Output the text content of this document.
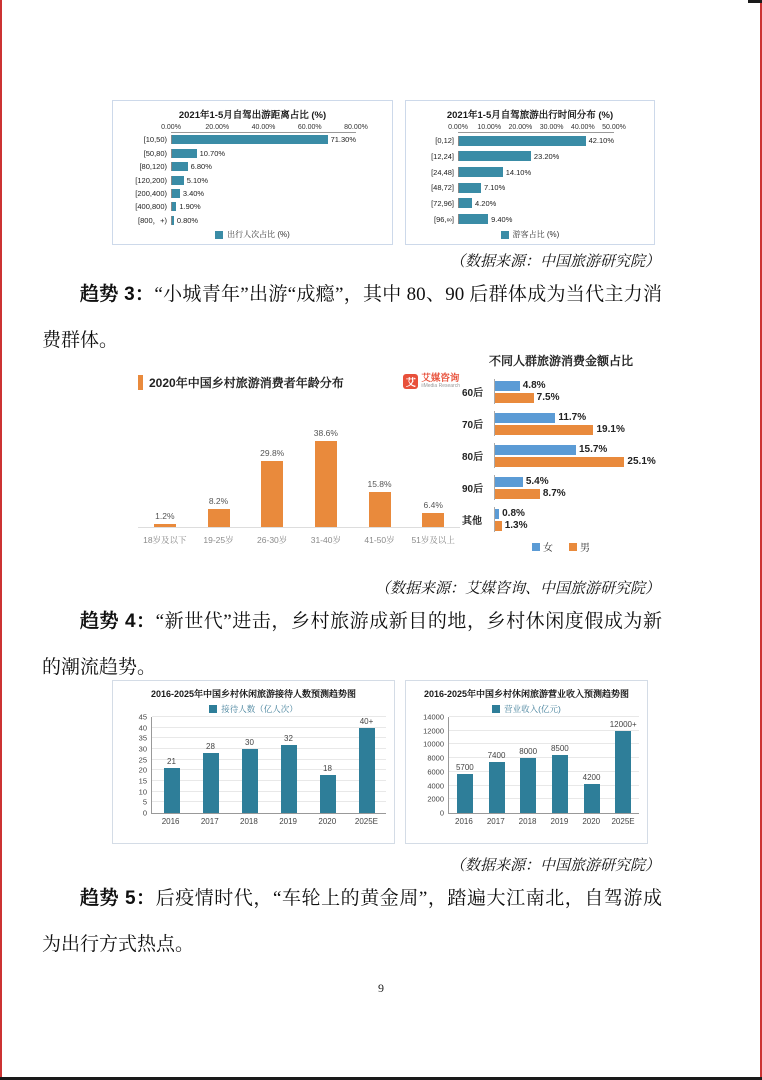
2021年1-5月自驾出游距离占比 (%)
0.00%	20.00%	40.00%	60.00%	80.00%
[10,50)	71.30%
[50,80)	10.70%
[80,120)	6.80%
[120,200)	5.10%
[200,400)	3.40%
[400,800)	1.90%
[800，+)	0.80%
出行人次占比 (%)
2021年1-5月自驾旅游出行时间分布 (%)
0.00% 10.00% 20.00% 30.00% 40.00% 50.00%
[0,12]	42.10%
[12,24]	23.20%
[24,48]	14.10%
[48,72]	7.10%
[72,96]	4.20%
[96,∞]	9.40%
游客占比 (%)
（数据来源：中国旅游研究院）

趋势 3：“小城青年”出游“成瘾”，其中 80、90 后群体成为当代主力消费群体。

2020年中国乡村旅游消费者年龄分布	艾 艾媒咨询
iiMedia Research
1.2%
8.2%
29.8%
38.6%
15.8%
6.4%
18岁及以下	19-25岁	26-30岁	31-40岁	41-50岁	51岁及以上
不同人群旅游消费金额占比
60后
4.8%
7.5%
70后
11.7%
19.1%
80后
15.7%
25.1%
90后
5.4%
8.7%
其他
0.8%
1.3%
女	男
（数据来源：艾媒咨询、中国旅游研究院）

趋势 4：“新世代”进击，乡村旅游成新目的地，乡村休闲度假成为新的潮流趋势。

2016-2025年中国乡村休闲旅游接待人数预测趋势图
接待人数（亿人次）
0
5
10
15
20
25
30
35
40
45
21
28	30	32
18
40+
2016	2017	2018	2019	2020	2025E
2016-2025年中国乡村休闲旅游营业收入预测趋势图
营业收入(亿元)
0
2000
4000
6000
8000
10000
12000
14000
5700
7400 8000 8500
4200
12000+
2016	2017	2018	2019	2020	2025E
（数据来源：中国旅游研究院）

趋势 5：后疫情时代，“车轮上的黄金周”，踏遍大江南北，自驾游成为出行方式热点。

9
